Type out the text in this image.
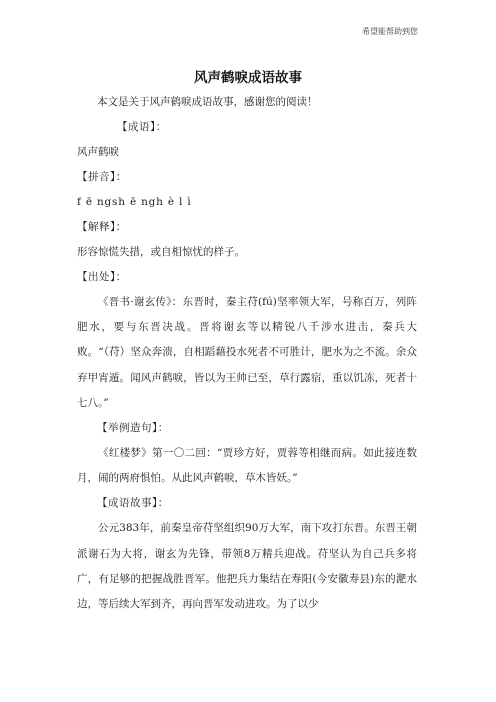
希望能帮助到您
风声鹤唳成语故事
本文是关于风声鹤唳成语故事，感谢您的阅读！
【成语】：
风声鹤唳
【拼音】：
f ē ngsh ē ngh è l ì
【解释】：
形容惊慌失措，或自相惊忧的样子。
【出处】：

《晋书·谢玄传》：东晋时，秦主苻(fú)坚率领大军，号称百万，列阵肥水，要与东晋决战。晋将谢玄等以精锐八千涉水进击，秦兵大败。“（苻）坚众奔溃，自相蹈藉投水死者不可胜计，肥水为之不流。余众弃甲宵遁。闻风声鹤唳，皆以为王帅已至，草行露宿，重以饥冻，死者十七八。”

【举例造句】：

《红楼梦》第一〇二回：“贾珍方好，贾蓉等相继而病。如此接连数月，闹的两府惧怕。从此风声鹤唳，草木皆妖。”

【成语故事】：

公元383年，前秦皇帝苻坚组织90万大军，南下攻打东晋。东晋王朝派谢石为大将，谢玄为先锋，带领8万精兵迎战。苻坚认为自己兵多将广，有足够的把握战胜晋军。他把兵力集结在寿阳(今安徽寿县)东的淝水边，等后续大军到齐，再向晋军发动进攻。为了以少
